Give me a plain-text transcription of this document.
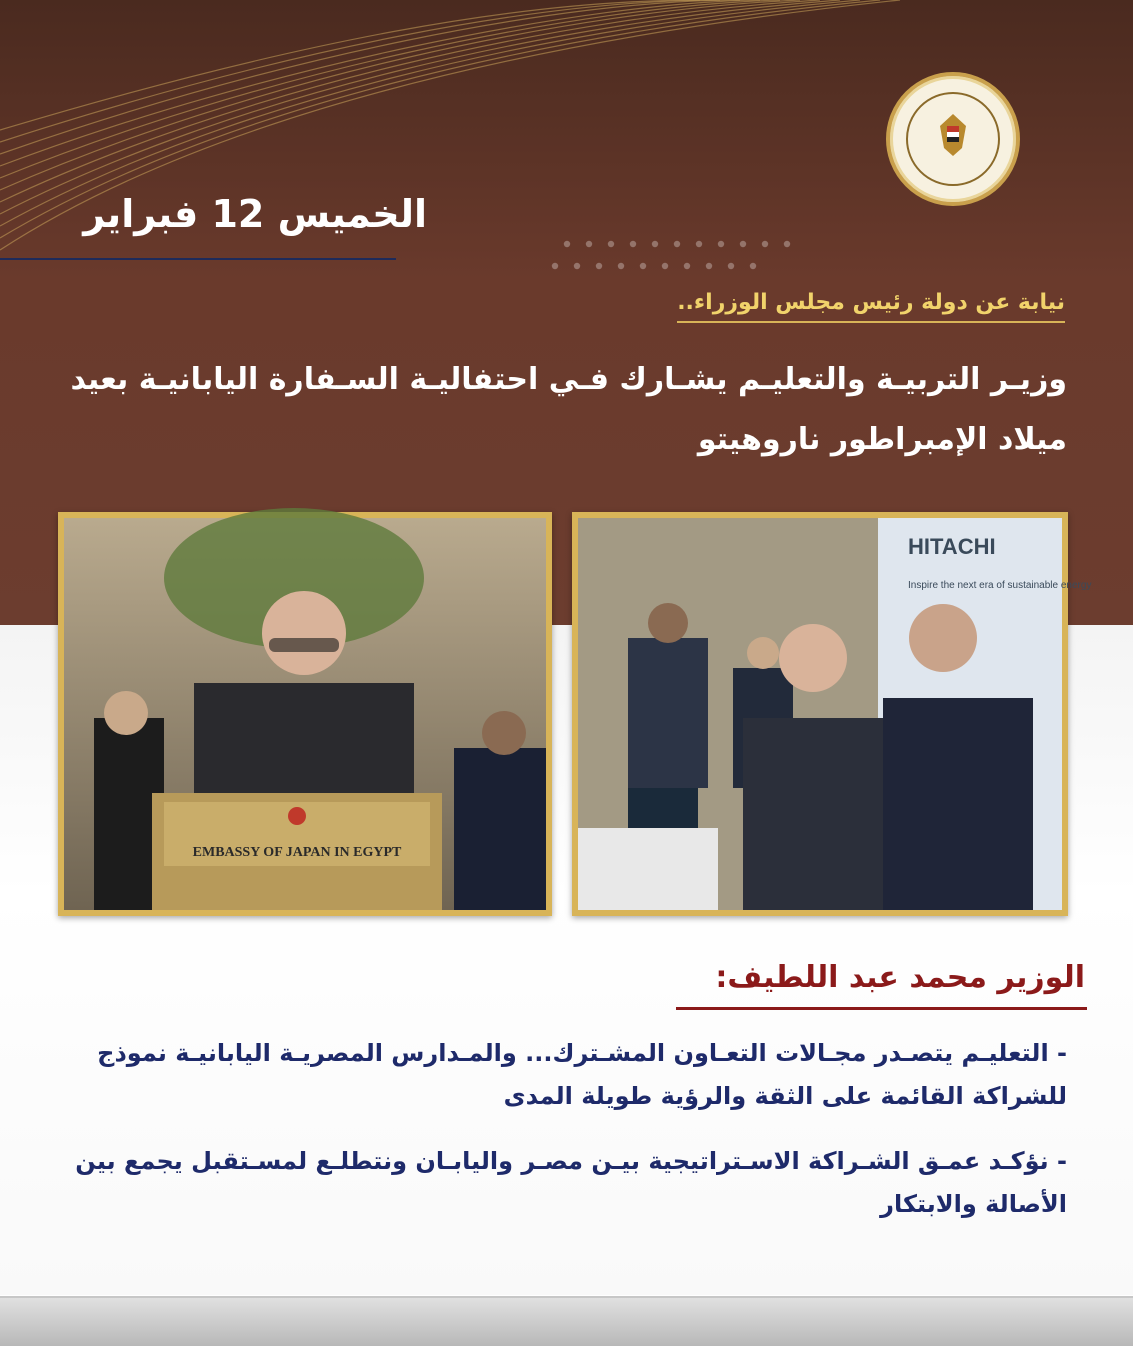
الخميس 12 فبراير
نيابة عن دولة رئيس مجلس الوزراء..
وزيـر التربيـة والتعليـم يشـارك فـي احتفاليـة السـفارة اليابانيـة بعيد ميلاد الإمبراطور ناروهيتو
EMBASSY OF JAPAN IN EGYPT
HITACHI
Inspire the next era of sustainable energy
الوزير محمد عبد اللطيف:

- التعليـم يتصـدر مجـالات التعـاون المشـترك... والمـدارس المصريـة اليابانيـة نموذج للشراكة القائمة على الثقة والرؤية طويلة المدى

- نؤكـد عمـق الشـراكة الاسـتراتيجية بيـن مصـر واليابـان ونتطلـع لمسـتقبل يجمع بين الأصالة والابتكار
